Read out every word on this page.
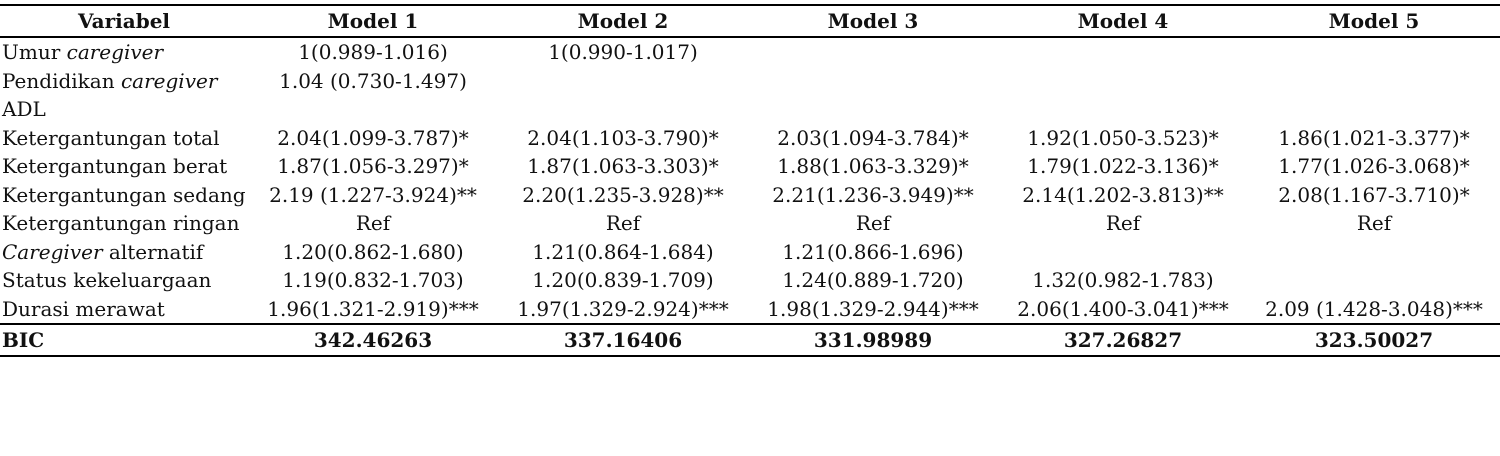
Variabel	Model 1	Model 2	Model 3	Model 4	Model 5
Umur caregiver	1(0.989-1.016)	1(0.990-1.017)			
Pendidikan caregiver	1.04 (0.730-1.497)				
ADL					
Ketergantungan total	2.04(1.099-3.787)*	2.04(1.103-3.790)*	2.03(1.094-3.784)*	1.92(1.050-3.523)*	1.86(1.021-3.377)*
Ketergantungan berat	1.87(1.056-3.297)*	1.87(1.063-3.303)*	1.88(1.063-3.329)*	1.79(1.022-3.136)*	1.77(1.026-3.068)*
Ketergantungan sedang	2.19 (1.227-3.924)**	2.20(1.235-3.928)**	2.21(1.236-3.949)**	2.14(1.202-3.813)**	2.08(1.167-3.710)*
Ketergantungan ringan	Ref	Ref	Ref	Ref	Ref
Caregiver alternatif	1.20(0.862-1.680)	1.21(0.864-1.684)	1.21(0.866-1.696)		
Status kekeluargaan	1.19(0.832-1.703)	1.20(0.839-1.709)	1.24(0.889-1.720)	1.32(0.982-1.783)	
Durasi merawat	1.96(1.321-2.919)***	1.97(1.329-2.924)***	1.98(1.329-2.944)***	2.06(1.400-3.041)***	2.09 (1.428-3.048)***
BIC	342.46263	337.16406	331.98989	327.26827	323.50027
